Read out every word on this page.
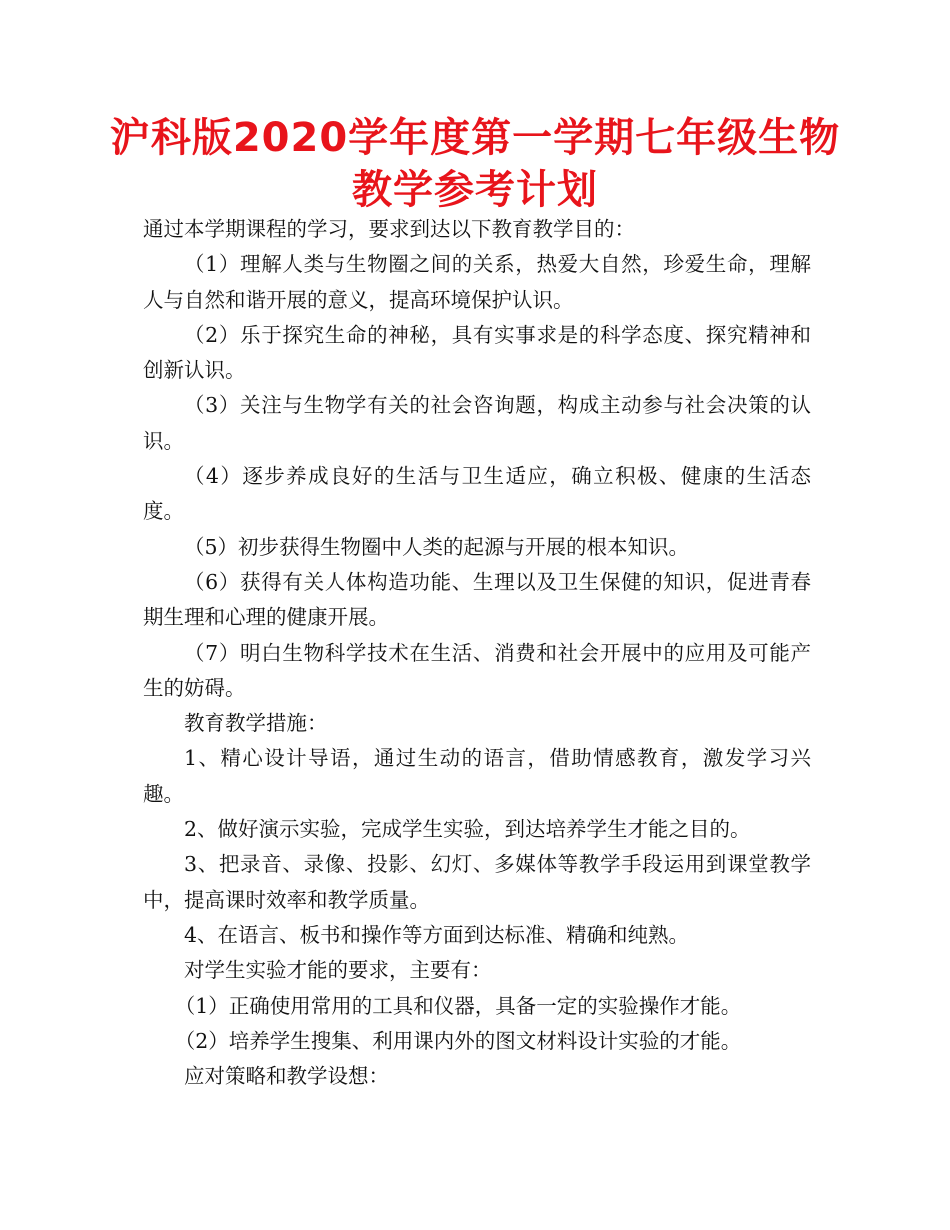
沪科版2020学年度第一学期七年级生物教学参考计划

通过本学期课程的学习，要求到达以下教育教学目的：

（1）理解人类与生物圈之间的关系，热爱大自然，珍爱生命，理解人与自然和谐开展的意义，提高环境保护认识。

（2）乐于探究生命的神秘，具有实事求是的科学态度、探究精神和创新认识。

（3）关注与生物学有关的社会咨询题，构成主动参与社会决策的认识。

（4）逐步养成良好的生活与卫生适应，确立积极、健康的生活态度。

（5）初步获得生物圈中人类的起源与开展的根本知识。

（6）获得有关人体构造功能、生理以及卫生保健的知识，促进青春期生理和心理的健康开展。

（7）明白生物科学技术在生活、消费和社会开展中的应用及可能产生的妨碍。

教育教学措施：

1、精心设计导语，通过生动的语言，借助情感教育，激发学习兴趣。

2、做好演示实验，完成学生实验，到达培养学生才能之目的。

3、把录音、录像、投影、幻灯、多媒体等教学手段运用到课堂教学中，提高课时效率和教学质量。

4、在语言、板书和操作等方面到达标准、精确和纯熟。

对学生实验才能的要求，主要有：

（1）正确使用常用的工具和仪器，具备一定的实验操作才能。

（2）培养学生搜集、利用课内外的图文材料设计实验的才能。

应对策略和教学设想：
